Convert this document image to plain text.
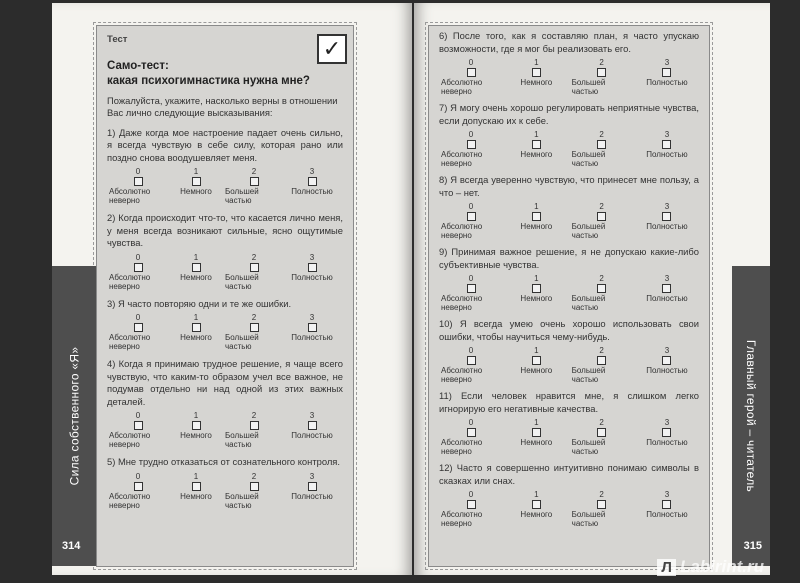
✓
Тест
Само-тест:
какая психогимнастика нужна мне?
Пожалуйста, укажите, насколько верны в отношении Вас лично следующие высказывания:
1) Даже когда мое настроение падает очень сильно, я всегда чувствую в себе силу, которая рано или поздно снова воодушевляет меня.
0
Абсолютно неверно
1
Немного
2
Большей частью
3
Полностью
2) Когда происходит что-то, что касается лично меня, у меня всегда возникают сильные, ясно ощутимые чувства.
0
Абсолютно неверно
1
Немного
2
Большей частью
3
Полностью
3) Я часто повторяю одни и те же ошибки.
0
Абсолютно неверно
1
Немного
2
Большей частью
3
Полностью
4) Когда я принимаю трудное решение, я чаще всего чувствую, что каким-то образом учел все важное, не подумав отдельно ни над одной из этих важных деталей.
0
Абсолютно неверно
1
Немного
2
Большей частью
3
Полностью
5) Мне трудно отказаться от сознательного контроля.
0
Абсолютно неверно
1
Немного
2
Большей частью
3
Полностью
Сила собственного «Я»
314
6) После того, как я составляю план, я часто упускаю возможности, где я мог бы реализовать его.
0
Абсолютно неверно
1
Немного
2
Большей частью
3
Полностью
7) Я могу очень хорошо регулировать неприятные чувства, если допускаю их к себе.
0
Абсолютно неверно
1
Немного
2
Большей частью
3
Полностью
8) Я всегда уверенно чувствую, что принесет мне пользу, а что – нет.
0
Абсолютно неверно
1
Немного
2
Большей частью
3
Полностью
9) Принимая важное решение, я не допускаю какие-либо субъективные чувства.
0
Абсолютно неверно
1
Немного
2
Большей частью
3
Полностью
10) Я всегда умею очень хорошо использовать свои ошибки, чтобы научиться чему-нибудь.
0
Абсолютно неверно
1
Немного
2
Большей частью
3
Полностью
11) Если человек нравится мне, я слишком легко игнорирую его негативные качества.
0
Абсолютно неверно
1
Немного
2
Большей частью
3
Полностью
12) Часто я совершенно интуитивно понимаю символы в сказках или снах.
0
Абсолютно неверно
1
Немного
2
Большей частью
3
Полностью
Главный герой – читатель
315
Л Labirint.ru
